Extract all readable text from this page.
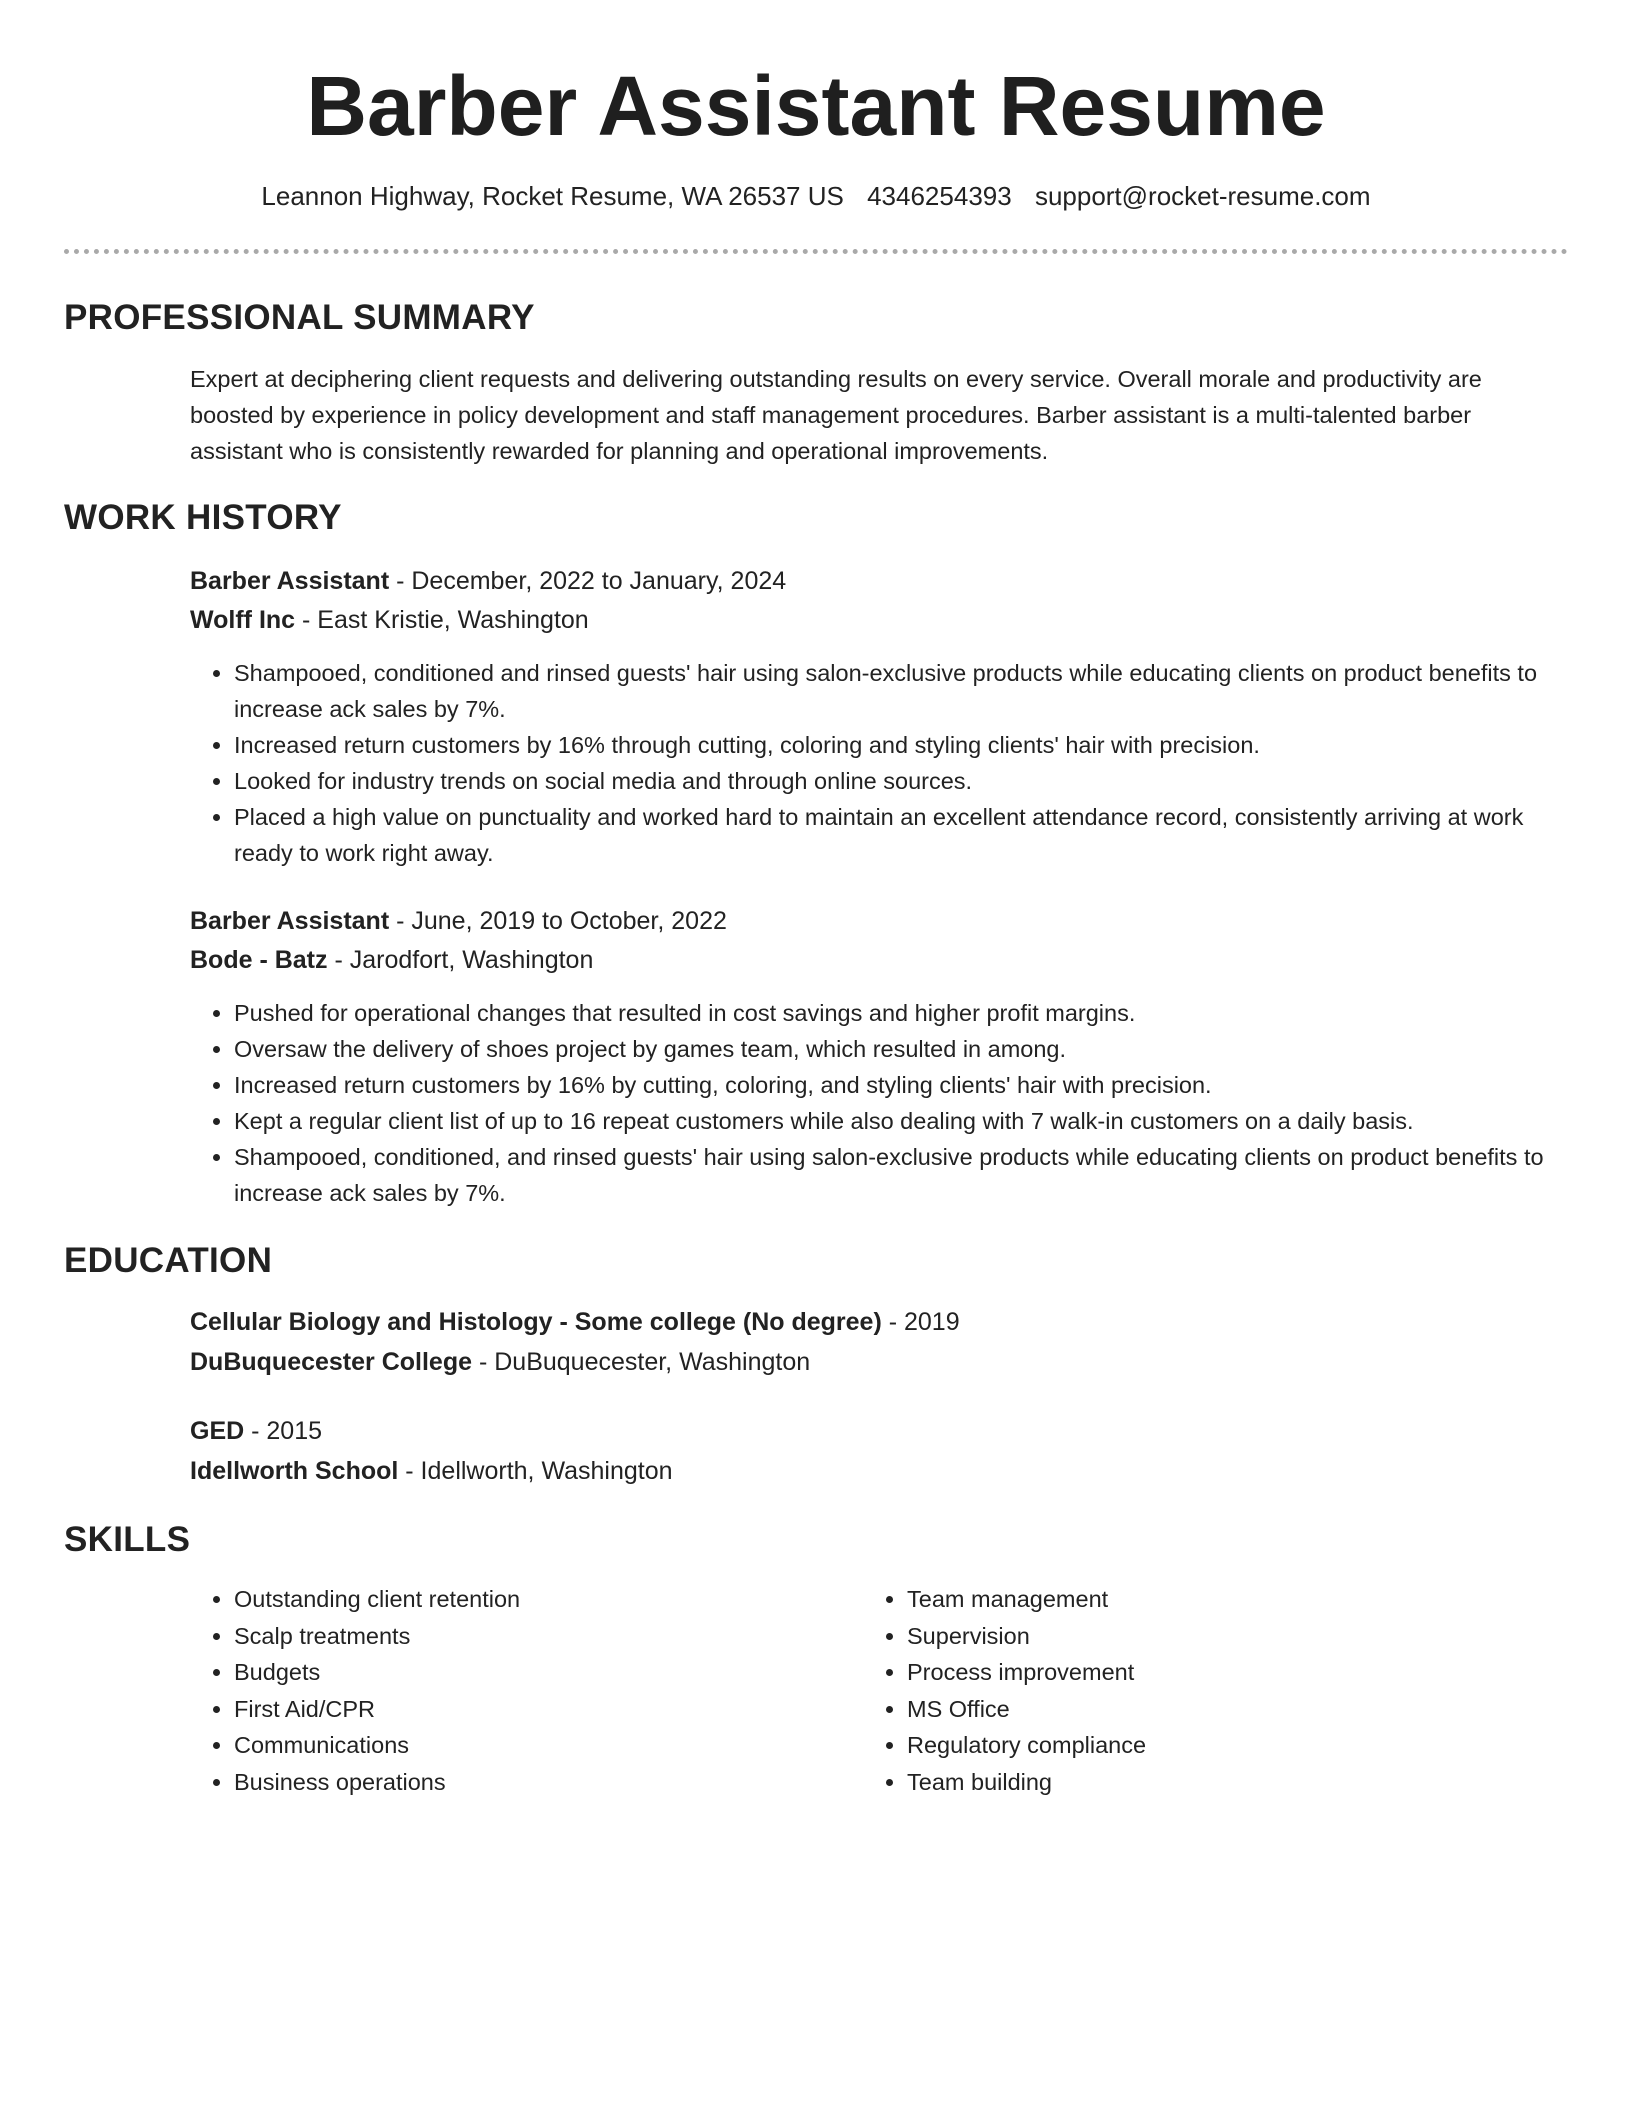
Barber Assistant Resume
Leannon Highway, Rocket Resume, WA 26537 US 4346254393 support@rocket-resume.com
PROFESSIONAL SUMMARY
Expert at deciphering client requests and delivering outstanding results on every service. Overall morale and productivity are boosted by experience in policy development and staff management procedures. Barber assistant is a multi-talented barber assistant who is consistently rewarded for planning and operational improvements.
WORK HISTORY
Barber Assistant - December, 2022 to January, 2024
Wolff Inc - East Kristie, Washington
• Shampooed, conditioned and rinsed guests' hair using salon-exclusive products while educating clients on product benefits to increase ack sales by 7%.
• Increased return customers by 16% through cutting, coloring and styling clients' hair with precision.
• Looked for industry trends on social media and through online sources.
• Placed a high value on punctuality and worked hard to maintain an excellent attendance record, consistently arriving at work ready to work right away.
Barber Assistant - June, 2019 to October, 2022
Bode - Batz - Jarodfort, Washington
• Pushed for operational changes that resulted in cost savings and higher profit margins.
• Oversaw the delivery of shoes project by games team, which resulted in among.
• Increased return customers by 16% by cutting, coloring, and styling clients' hair with precision.
• Kept a regular client list of up to 16 repeat customers while also dealing with 7 walk-in customers on a daily basis.
• Shampooed, conditioned, and rinsed guests' hair using salon-exclusive products while educating clients on product benefits to increase ack sales by 7%.
EDUCATION
Cellular Biology and Histology - Some college (No degree) - 2019
DuBuquecester College - DuBuquecester, Washington
GED - 2015
Idellworth School - Idellworth, Washington
SKILLS
• Outstanding client retention
• Scalp treatments
• Budgets
• First Aid/CPR
• Communications
• Business operations
• Team management
• Supervision
• Process improvement
• MS Office
• Regulatory compliance
• Team building
